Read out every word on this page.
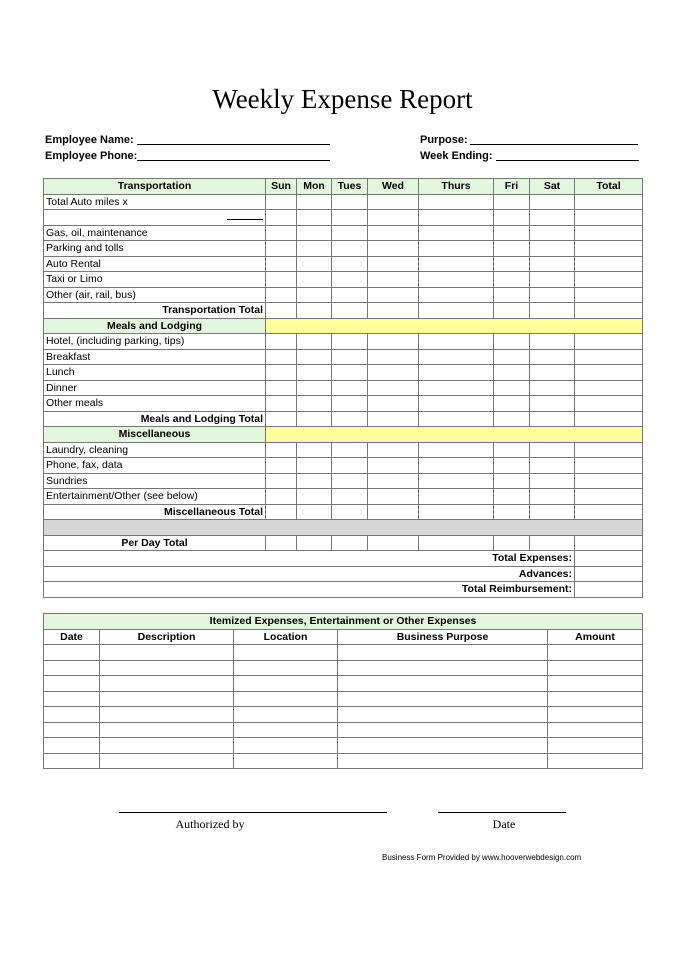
Weekly Expense Report
Employee Name:
Employee Phone:
Purpose:
Week Ending:
Transportation	Sun	Mon	Tues	Wed	Thurs	Fri	Sat	Total
Total Auto miles x								

Gas, oil, maintenance								
Parking and tolls								
Auto Rental								
Taxi or Limo								
Other (air, rail, bus)								
Transportation Total								
Meals and Lodging								
Hotel, (including parking, tips)								
Breakfast								
Lunch								
Dinner								
Other meals								
Meals and Lodging Total								
Miscellaneous								
Laundry, cleaning								
Phone, fax, data								
Sundries								
Entertainment/Other (see below)								
Miscellaneous Total								

Per Day Total								
Total Expenses:								
Advances:								
Total Reimbursement:								
Itemized Expenses, Entertainment or Other Expenses				
Date	Description	Location	Business Purpose	Amount

Authorized by	Date
Business Form Provided by www.hooverwebdesign.com
